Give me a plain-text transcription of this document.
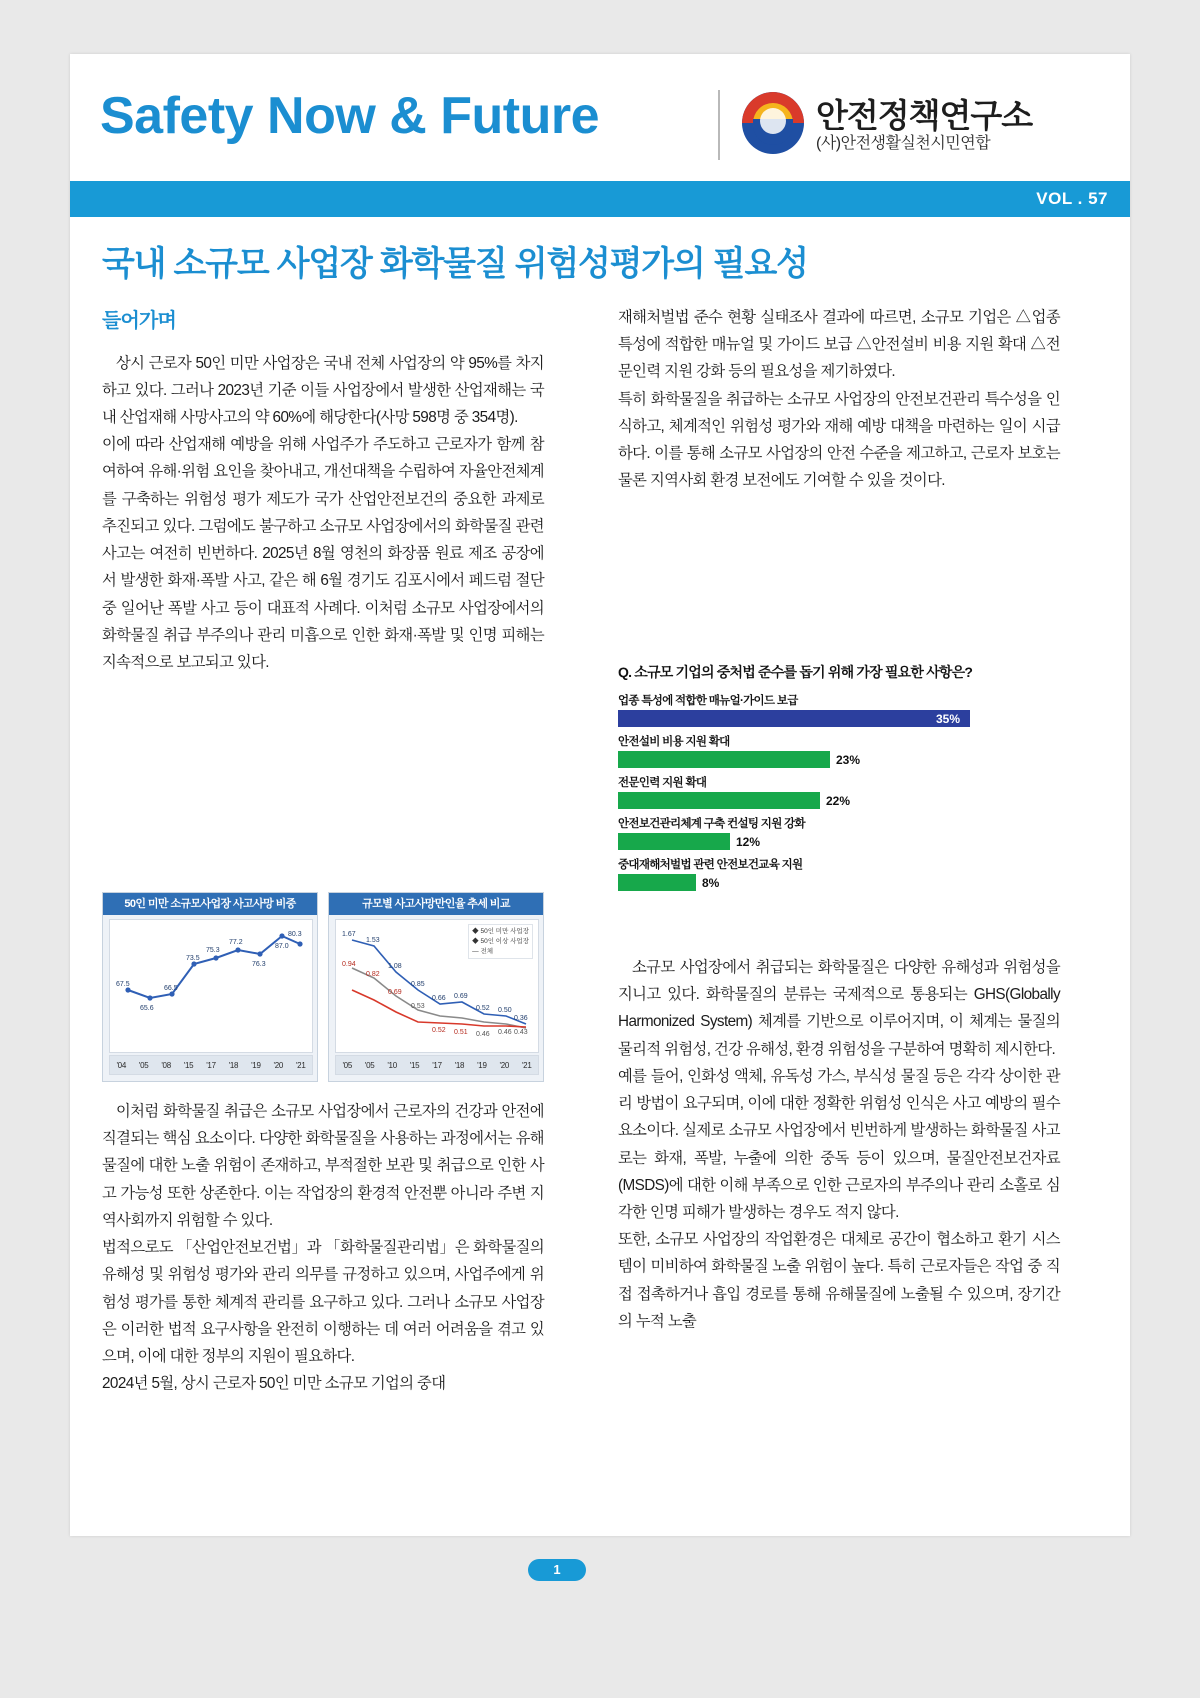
Safety Now & Future	안전정책연구소
(사)안전생활실천시민연합
VOL . 57
국내 소규모 사업장 화학물질 위험성평가의 필요성
들어가며

상시 근로자 50인 미만 사업장은 국내 전체 사업장의 약 95%를 차지하고 있다. 그러나 2023년 기준 이들 사업장에서 발생한 산업재해는 국내 산업재해 사망사고의 약 60%에 해당한다(사망 598명 중 354명).

이에 따라 산업재해 예방을 위해 사업주가 주도하고 근로자가 함께 참여하여 유해·위험 요인을 찾아내고, 개선대책을 수립하여 자율안전체계를 구축하는 위험성 평가 제도가 국가 산업안전보건의 중요한 과제로 추진되고 있다. 그럼에도 불구하고 소규모 사업장에서의 화학물질 관련 사고는 여전히 빈번하다. 2025년 8월 영천의 화장품 원료 제조 공장에서 발생한 화재·폭발 사고, 같은 해 6월 경기도 김포시에서 페드럼 절단 중 일어난 폭발 사고 등이 대표적 사례다. 이처럼 소규모 사업장에서의 화학물질 취급 부주의나 관리 미흡으로 인한 화재·폭발 및 인명 피해는 지속적으로 보고되고 있다.

50인 미만 소규모사업장 사고사망 비중
67.5
65.6
66.5
73.5
75.3
77.2
76.3
87.0
80.3
'04 '05 '08 '15 '17 '18 '19 '20 '21
규모별 사고사망만인율 추세 비교
1.67
1.53
1.08
0.85
0.66 0.69
0.52 0.50
0.36
0.94
0.82
0.69
0.53
0.52 0.51 0.46 0.46 0.43
◆ 50인 미만 사업장
◆ 50인 이상 사업장
— 전체
'05 '05 '10 '15 '17 '18 '19 '20 '21

이처럼 화학물질 취급은 소규모 사업장에서 근로자의 건강과 안전에 직결되는 핵심 요소이다. 다양한 화학물질을 사용하는 과정에서는 유해 물질에 대한 노출 위험이 존재하고, 부적절한 보관 및 취급으로 인한 사고 가능성 또한 상존한다. 이는 작업장의 환경적 안전뿐 아니라 주변 지역사회까지 위험할 수 있다.

법적으로도 「산업안전보건법」과 「화학물질관리법」은 화학물질의 유해성 및 위험성 평가와 관리 의무를 규정하고 있으며, 사업주에게 위험성 평가를 통한 체계적 관리를 요구하고 있다. 그러나 소규모 사업장은 이러한 법적 요구사항을 완전히 이행하는 데 여러 어려움을 겪고 있으며, 이에 대한 정부의 지원이 필요하다.

2024년 5월, 상시 근로자 50인 미만 소규모 기업의 중대

재해처벌법 준수 현황 실태조사 결과에 따르면, 소규모 기업은 △업종 특성에 적합한 매뉴얼 및 가이드 보급 △안전설비 비용 지원 확대 △전문인력 지원 강화 등의 필요성을 제기하였다.

특히 화학물질을 취급하는 소규모 사업장의 안전보건관리 특수성을 인식하고, 체계적인 위험성 평가와 재해 예방 대책을 마련하는 일이 시급하다. 이를 통해 소규모 사업장의 안전 수준을 제고하고, 근로자 보호는 물론 지역사회 환경 보전에도 기여할 수 있을 것이다.

Q. 소규모 기업의 중처법 준수를 돕기 위해 가장 필요한 사항은?
업종 특성에 적합한 매뉴얼·가이드 보급
35%
안전설비 비용 지원 확대
23%
전문인력 지원 확대
22%
안전보건관리체계 구축 컨설팅 지원 강화
12%
중대재해처벌법 관련 안전보건교육 지원
8%

소규모 사업장에서 취급되는 화학물질은 다양한 유해성과 위험성을 지니고 있다. 화학물질의 분류는 국제적으로 통용되는 GHS(Globally Harmonized System) 체계를 기반으로 이루어지며, 이 체계는 물질의 물리적 위험성, 건강 유해성, 환경 위험성을 구분하여 명확히 제시한다.

예를 들어, 인화성 액체, 유독성 가스, 부식성 물질 등은 각각 상이한 관리 방법이 요구되며, 이에 대한 정확한 위험성 인식은 사고 예방의 필수 요소이다. 실제로 소규모 사업장에서 빈번하게 발생하는 화학물질 사고로는 화재, 폭발, 누출에 의한 중독 등이 있으며, 물질안전보건자료(MSDS)에 대한 이해 부족으로 인한 근로자의 부주의나 관리 소홀로 심각한 인명 피해가 발생하는 경우도 적지 않다.

또한, 소규모 사업장의 작업환경은 대체로 공간이 협소하고 환기 시스템이 미비하여 화학물질 노출 위험이 높다. 특히 근로자들은 작업 중 직접 접촉하거나 흡입 경로를 통해 유해물질에 노출될 수 있으며, 장기간의 누적 노출

1
